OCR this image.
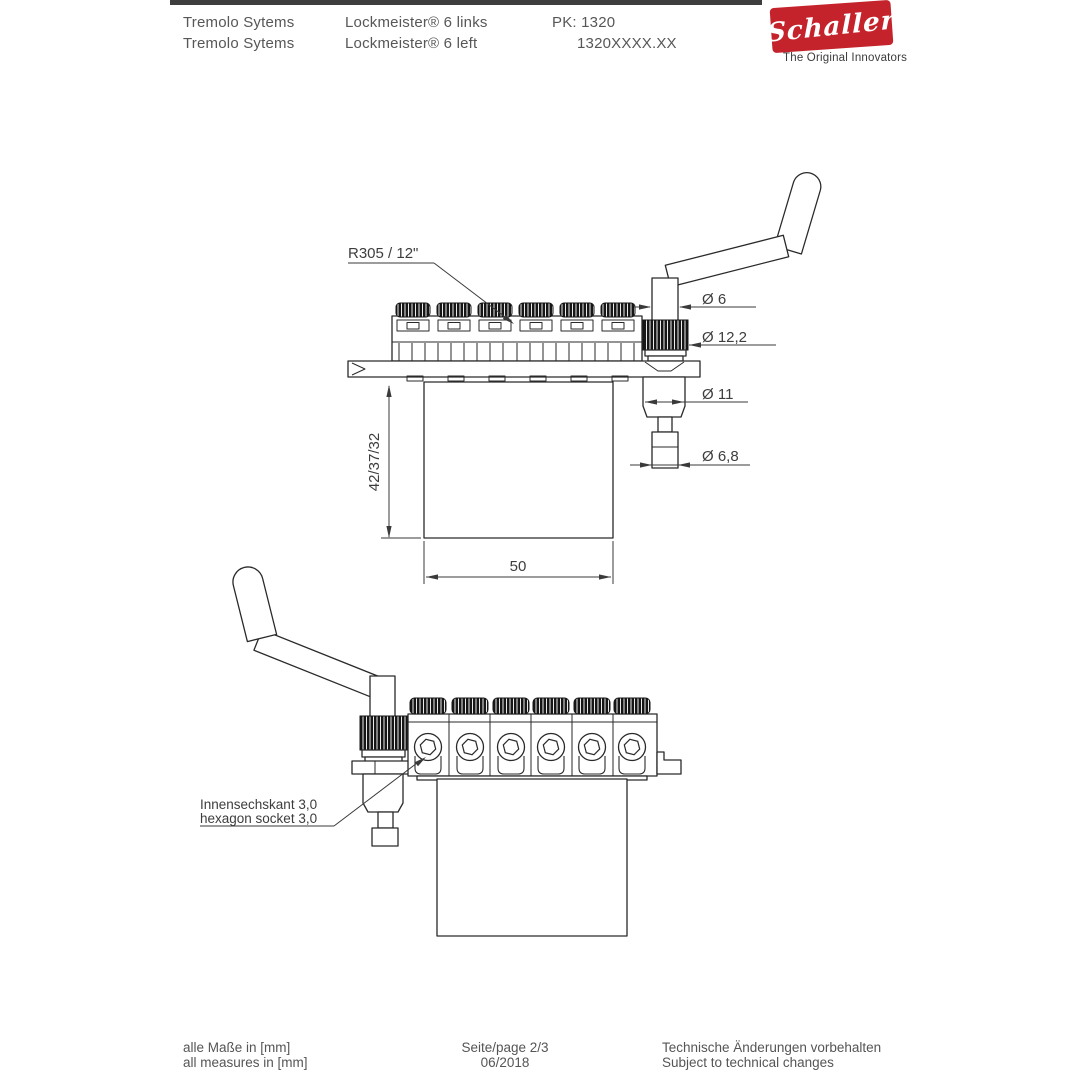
Tremolo Sytems
Tremolo Sytems
Lockmeister® 6 links
Lockmeister® 6 left
PK: 1320
1320XXXX.XX	Schaller
The Original Innovators
R305 / 12"
Ø 6
Ø 12,2
Ø 11
Ø 6,8
42/37/32
50
Innensechskant 3,0
hexagon socket 3,0
alle Maße in [mm]
all measures in [mm]
Seite/page 2/3
06/2018
Technische Änderungen vorbehalten
Subject to technical changes
